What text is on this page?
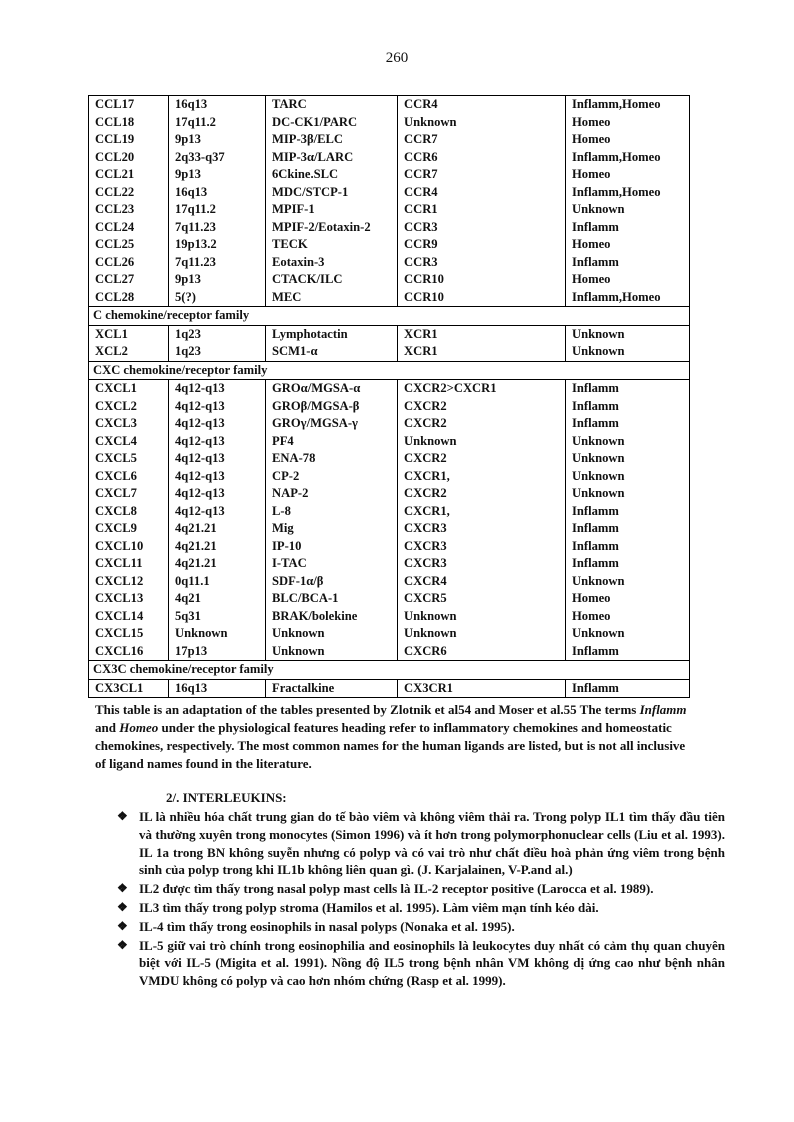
260
CCL17	16q13	TARC	CCR4	Inflamm,Homeo
CCL18	17q11.2	DC-CK1/PARC	Unknown	Homeo
CCL19	9p13	MIP-3β/ELC	CCR7	Homeo
CCL20	2q33-q37	MIP-3α/LARC	CCR6	Inflamm,Homeo
CCL21	9p13	6Ckine.SLC	CCR7	Homeo
CCL22	16q13	MDC/STCP-1	CCR4	Inflamm,Homeo
CCL23	17q11.2	MPIF-1	CCR1	Unknown
CCL24	7q11.23	MPIF-2/Eotaxin-2	CCR3	Inflamm
CCL25	19p13.2	TECK	CCR9	Homeo
CCL26	7q11.23	Eotaxin-3	CCR3	Inflamm
CCL27	9p13	CTACK/ILC	CCR10	Homeo
CCL28	5(?)	MEC	CCR10	Inflamm,Homeo
C chemokine/receptor family				
XCL1	1q23	Lymphotactin	XCR1	Unknown
XCL2	1q23	SCM1-α	XCR1	Unknown
CXC chemokine/receptor family				
CXCL1	4q12-q13	GROα/MGSA-α	CXCR2>CXCR1	Inflamm
CXCL2	4q12-q13	GROβ/MGSA-β	CXCR2	Inflamm
CXCL3	4q12-q13	GROγ/MGSA-γ	CXCR2	Inflamm
CXCL4	4q12-q13	PF4	Unknown	Unknown
CXCL5	4q12-q13	ENA-78	CXCR2	Unknown
CXCL6	4q12-q13	CP-2	CXCR1,	Unknown
CXCL7	4q12-q13	NAP-2	CXCR2	Unknown
CXCL8	4q12-q13	L-8	CXCR1,	Inflamm
CXCL9	4q21.21	Mig	CXCR3	Inflamm
CXCL10	4q21.21	IP-10	CXCR3	Inflamm
CXCL11	4q21.21	I-TAC	CXCR3	Inflamm
CXCL12	0q11.1	SDF-1α/β	CXCR4	Unknown
CXCL13	4q21	BLC/BCA-1	CXCR5	Homeo
CXCL14	5q31	BRAK/bolekine	Unknown	Homeo
CXCL15	Unknown	Unknown	Unknown	Unknown
CXCL16	17p13	Unknown	CXCR6	Inflamm
CX3C chemokine/receptor family				
CX3CL1	16q13	Fractalkine	CX3CR1	Inflamm
This table is an adaptation of the tables presented by Zlotnik et al54 and Moser et al.55 The terms Inflamm and Homeo under the physiological features heading refer to inflammatory chemokines and homeostatic chemokines, respectively. The most common names for the human ligands are listed, but is not all inclusive of ligand names found in the literature.
2/. INTERLEUKINS:
❖ IL là nhiều hóa chất trung gian do tế bào viêm và không viêm thải ra. Trong polyp IL1 tìm thấy đầu tiên và thường xuyên trong monocytes (Simon 1996) và ít hơn trong polymorphonuclear cells (Liu et al. 1993). IL 1a trong BN không suyễn nhưng có polyp và có vai trò như chất điều hoà phản ứng viêm trong bệnh sinh của polyp trong khi IL1b không liên quan gì. (J. Karjalainen, V-P.and al.)
❖ IL2 được tìm thấy trong nasal polyp mast cells là IL-2 receptor positive (Larocca et al. 1989).
❖ IL3 tìm thấy trong polyp stroma (Hamilos et al. 1995). Làm viêm mạn tính kéo dài.
❖ IL-4 tìm thấy trong eosinophils in nasal polyps (Nonaka et al. 1995).
❖ IL-5 giữ vai trò chính trong eosinophilia and eosinophils là leukocytes duy nhất có cảm thụ quan chuyên biệt với IL-5 (Migita et al. 1991). Nồng độ IL5 trong bệnh nhân VM không dị ứng cao như bệnh nhân VMDU không có polyp và cao hơn nhóm chứng (Rasp et al. 1999).
